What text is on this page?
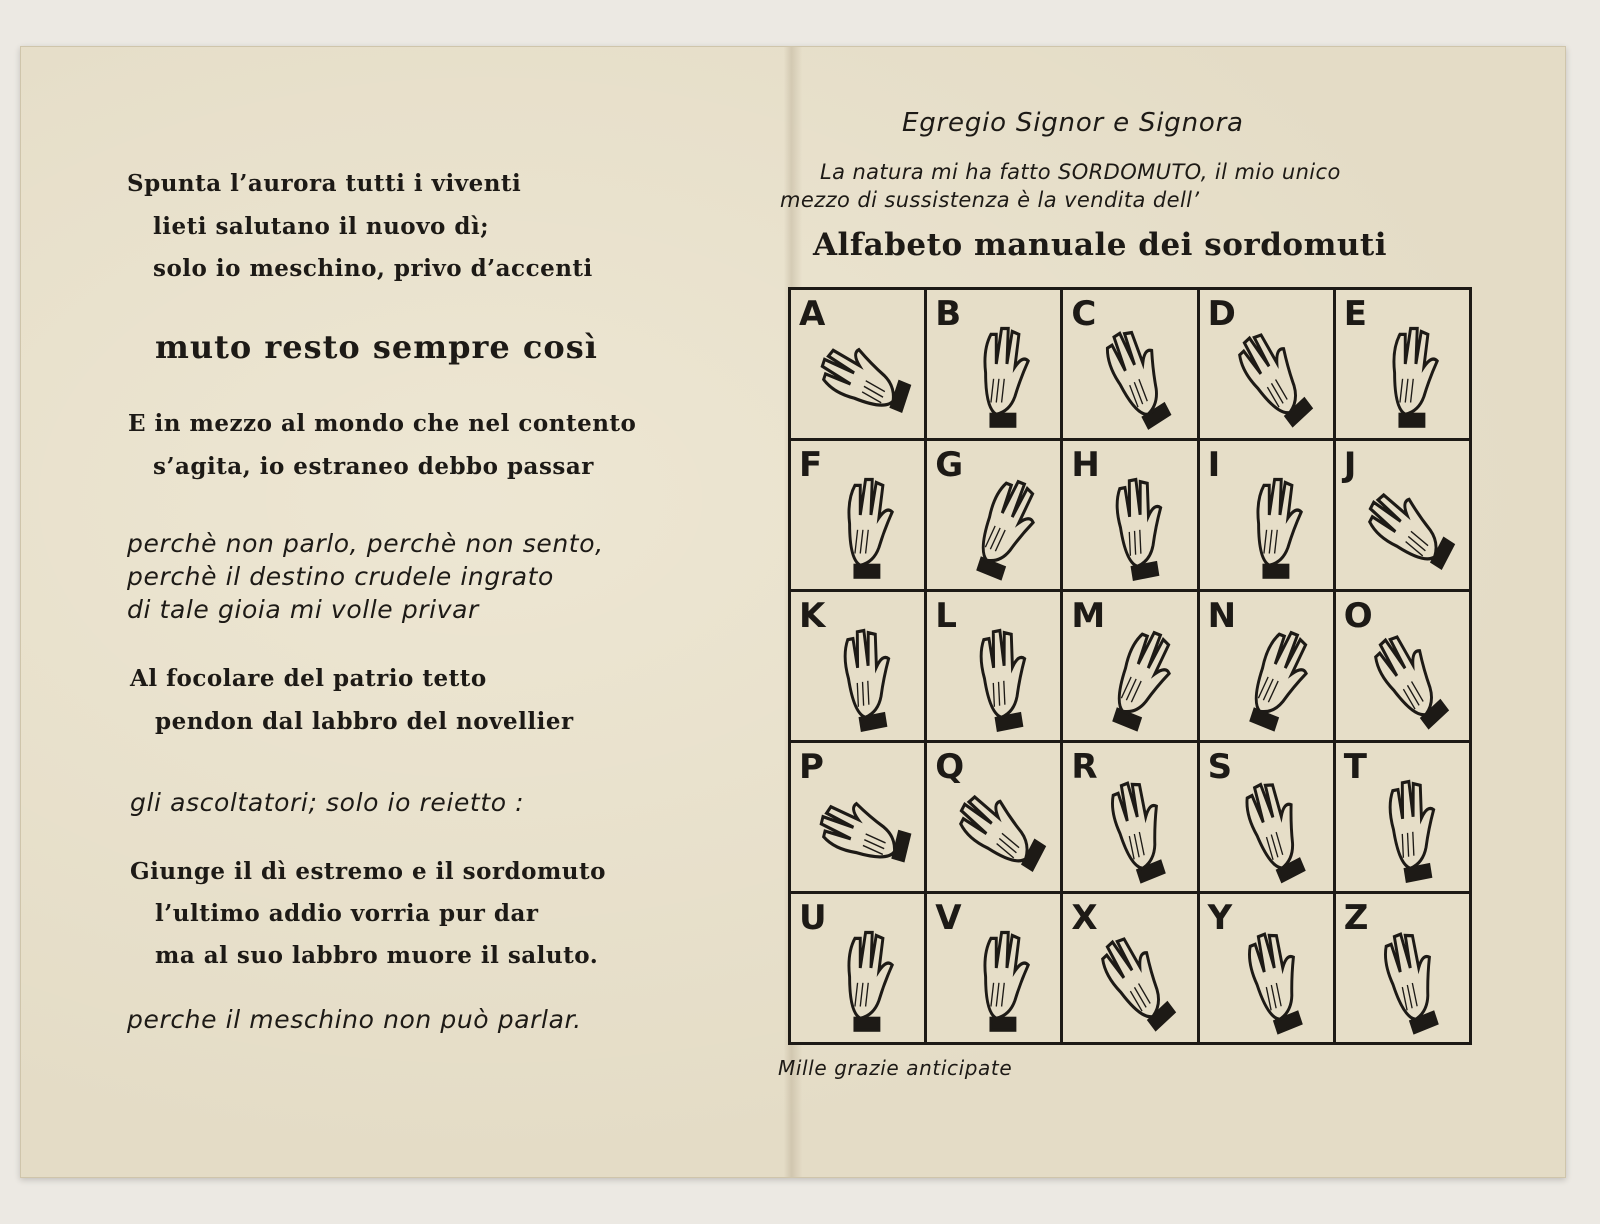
Spunta l’aurora tutti i viventi
lieti salutano il nuovo dì;
solo io meschino, privo d’accenti
muto resto sempre così
E in mezzo al mondo che nel contento
s’agita, io estraneo debbo passar
perchè non parlo, perchè non sento,
perchè il destino crudele ingrato
di tale gioia mi volle privar
Al focolare del patrio tetto
pendon dal labbro del novellier
gli ascoltatori; solo io reietto :
Giunge il dì estremo e il sordomuto
l’ultimo addio vorria pur dar
ma al suo labbro muore il saluto.
perche il meschino non può parlar.
Egregio Signor e Signora
La natura mi ha fatto SORDOMUTO, il mio unico
mezzo di sussistenza è la vendita dell’
Alfabeto manuale dei sordomuti
A	B	C	D	E
F	G	H	I	J
K	L	M	N	O
P	Q	R	S	T
U	V	X	Y	Z
Mille grazie anticipate
